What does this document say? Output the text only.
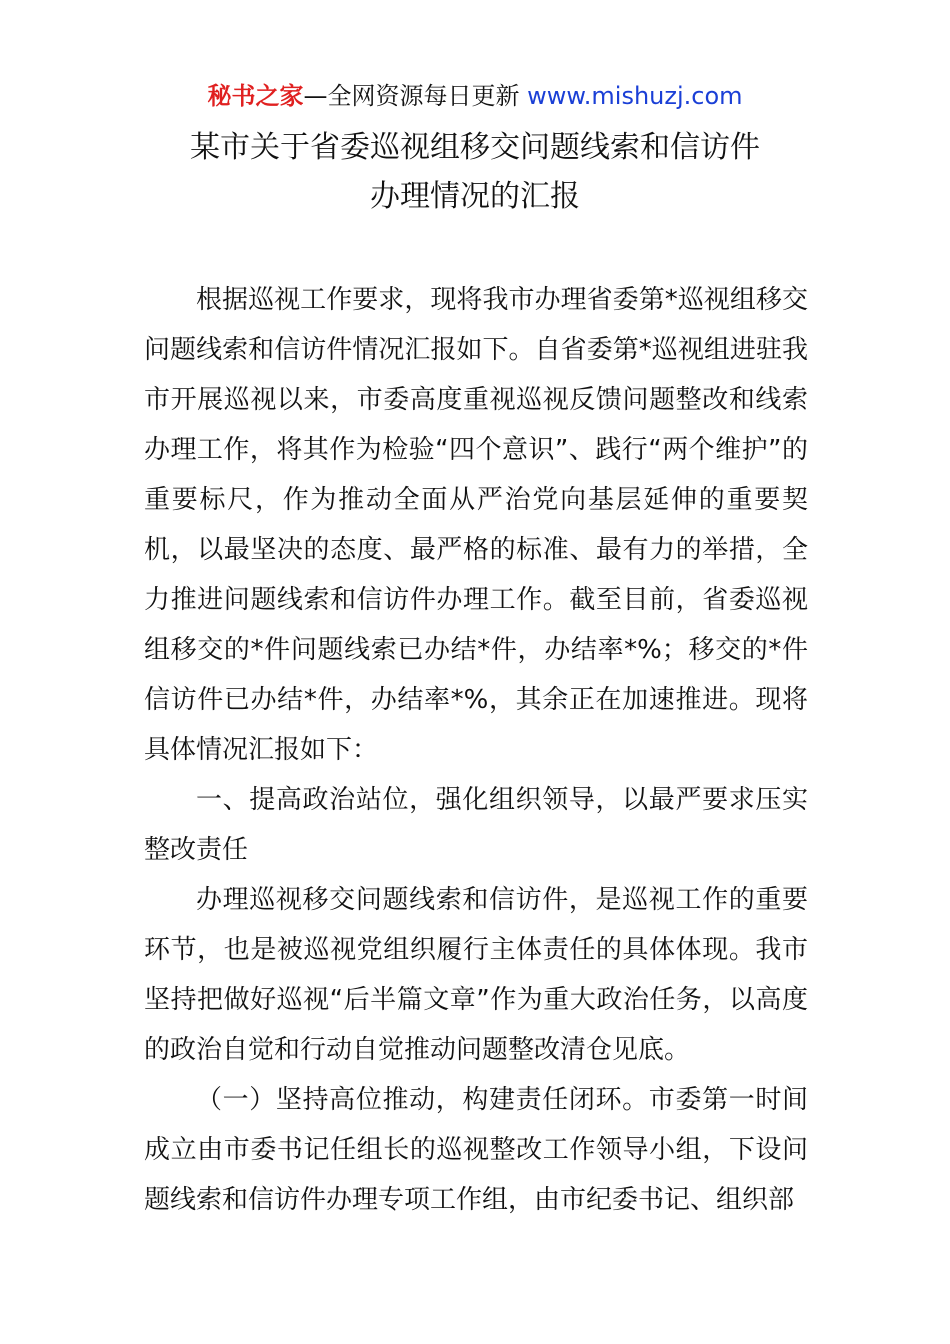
秘书之家—全网资源每日更新 www.mishuzj.com
某市关于省委巡视组移交问题线索和信访件
办理情况的汇报

根据巡视工作要求，现将我市办理省委第*巡视组移交问题线索和信访件情况汇报如下。自省委第*巡视组进驻我市开展巡视以来，市委高度重视巡视反馈问题整改和线索办理工作，将其作为检验“四个意识”、践行“两个维护”的重要标尺，作为推动全面从严治党向基层延伸的重要契机，以最坚决的态度、最严格的标准、最有力的举措，全力推进问题线索和信访件办理工作。截至目前，省委巡视组移交的*件问题线索已办结*件，办结率*%；移交的*件信访件已办结*件，办结率*%，其余正在加速推进。现将具体情况汇报如下：

一、提高政治站位，强化组织领导，以最严要求压实整改责任

办理巡视移交问题线索和信访件，是巡视工作的重要环节，也是被巡视党组织履行主体责任的具体体现。我市坚持把做好巡视“后半篇文章”作为重大政治任务，以高度的政治自觉和行动自觉推动问题整改清仓见底。

（一）坚持高位推动，构建责任闭环。市委第一时间成立由市委书记任组长的巡视整改工作领导小组，下设问题线索和信访件办理专项工作组，由市纪委书记、组织部
